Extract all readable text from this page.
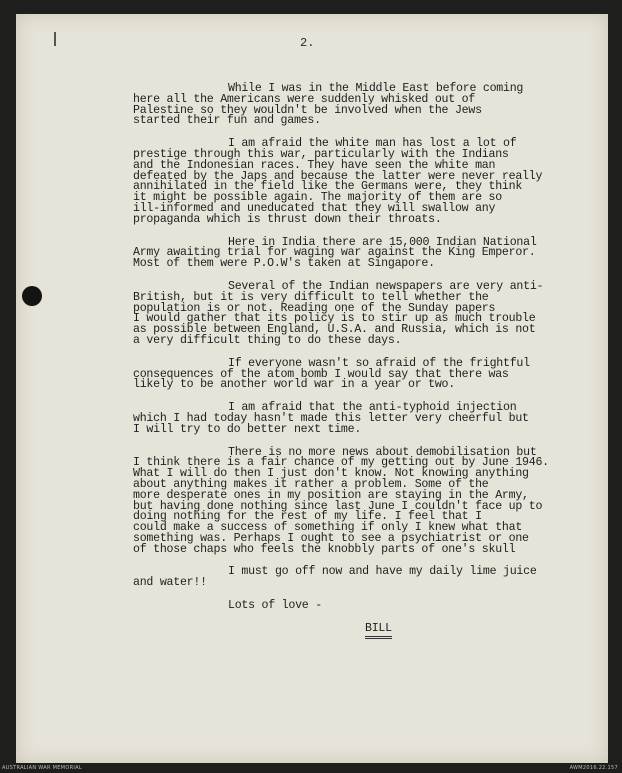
2.

While I was in the Middle East before coming
here all the Americans were suddenly whisked out of
Palestine so they wouldn't be involved when the Jews
started their fun and games.

I am afraid the white man has lost a lot of
prestige through this war, particularly with the Indians
and the Indonesian races. They have seen the white man
defeated by the Japs and because the latter were never really
annihilated in the field like the Germans were, they think
it might be possible again. The majority of them are so
ill-informed and uneducated that they will swallow any
propaganda which is thrust down their throats.

Here in India there are 15,000 Indian National
Army awaiting trial for waging war against the King Emperor.
Most of them were P.O.W's taken at Singapore.

Several of the Indian newspapers are very anti-
British, but it is very difficult to tell whether the
population is or not. Reading one of the Sunday papers
I would gather that its policy is to stir up as much trouble
as possible between England, U.S.A. and Russia, which is not
a very difficult thing to do these days.

If everyone wasn't so afraid of the frightful
consequences of the atom bomb I would say that there was
likely to be another world war in a year or two.

I am afraid that the anti-typhoid injection
which I had today hasn't made this letter very cheerful but
I will try to do better next time.

There is no more news about demobilisation but
I think there is a fair chance of my getting out by June 1946.
What I will do then I just don't know. Not knowing anything
about anything makes it rather a problem. Some of the
more desperate ones in my position are staying in the Army,
but having done nothing since last June I couldn't face up to
doing nothing for the rest of my life. I feel that I
could make a success of something if only I knew what that
something was. Perhaps I ought to see a psychiatrist or one
of those chaps who feels the knobbly parts of one's skull

I must go off now and have my daily lime juice
and water!!

Lots of love -

BILL

AUSTRALIAN WAR MEMORIAL	AWM2016.22.157
